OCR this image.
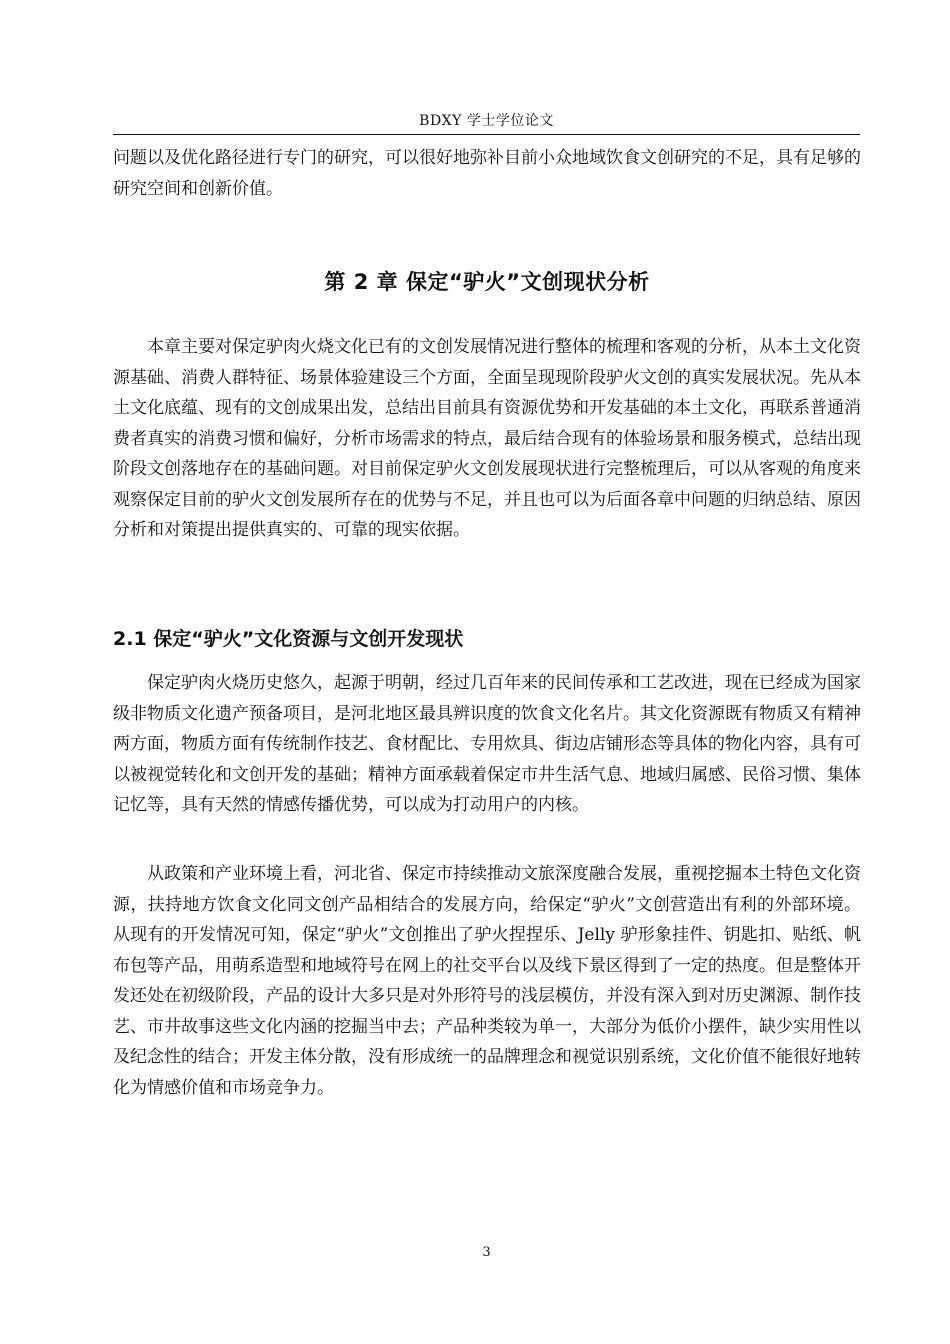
BDXY 学士学位论文

问题以及优化路径进行专门的研究，可以很好地弥补目前小众地域饮食文创研究的不足，具有足够的研究空间和创新价值。

第 2 章 保定“驴火”文创现状分析

本章主要对保定驴肉火烧文化已有的文创发展情况进行整体的梳理和客观的分析，从本土文化资源基础、消费人群特征、场景体验建设三个方面，全面呈现现阶段驴火文创的真实发展状况。先从本土文化底蕴、现有的文创成果出发，总结出目前具有资源优势和开发基础的本土文化，再联系普通消费者真实的消费习惯和偏好，分析市场需求的特点，最后结合现有的体验场景和服务模式，总结出现阶段文创落地存在的基础问题。对目前保定驴火文创发展现状进行完整梳理后，可以从客观的角度来观察保定目前的驴火文创发展所存在的优势与不足，并且也可以为后面各章中问题的归纳总结、原因分析和对策提出提供真实的、可靠的现实依据。

2.1 保定“驴火”文化资源与文创开发现状

保定驴肉火烧历史悠久，起源于明朝，经过几百年来的民间传承和工艺改进，现在已经成为国家级非物质文化遗产预备项目，是河北地区最具辨识度的饮食文化名片。其文化资源既有物质又有精神两方面，物质方面有传统制作技艺、食材配比、专用炊具、街边店铺形态等具体的物化内容，具有可以被视觉转化和文创开发的基础；精神方面承载着保定市井生活气息、地域归属感、民俗习惯、集体记忆等，具有天然的情感传播优势，可以成为打动用户的内核。

从政策和产业环境上看，河北省、保定市持续推动文旅深度融合发展，重视挖掘本土特色文化资源，扶持地方饮食文化同文创产品相结合的发展方向，给保定“驴火”文创营造出有利的外部环境。从现有的开发情况可知，保定“驴火”文创推出了驴火捏捏乐、Jelly 驴形象挂件、钥匙扣、贴纸、帆布包等产品，用萌系造型和地域符号在网上的社交平台以及线下景区得到了一定的热度。但是整体开发还处在初级阶段，产品的设计大多只是对外形符号的浅层模仿，并没有深入到对历史渊源、制作技艺、市井故事这些文化内涵的挖掘当中去；产品种类较为单一，大部分为低价小摆件，缺少实用性以及纪念性的结合；开发主体分散，没有形成统一的品牌理念和视觉识别系统，文化价值不能很好地转化为情感价值和市场竞争力。

3
